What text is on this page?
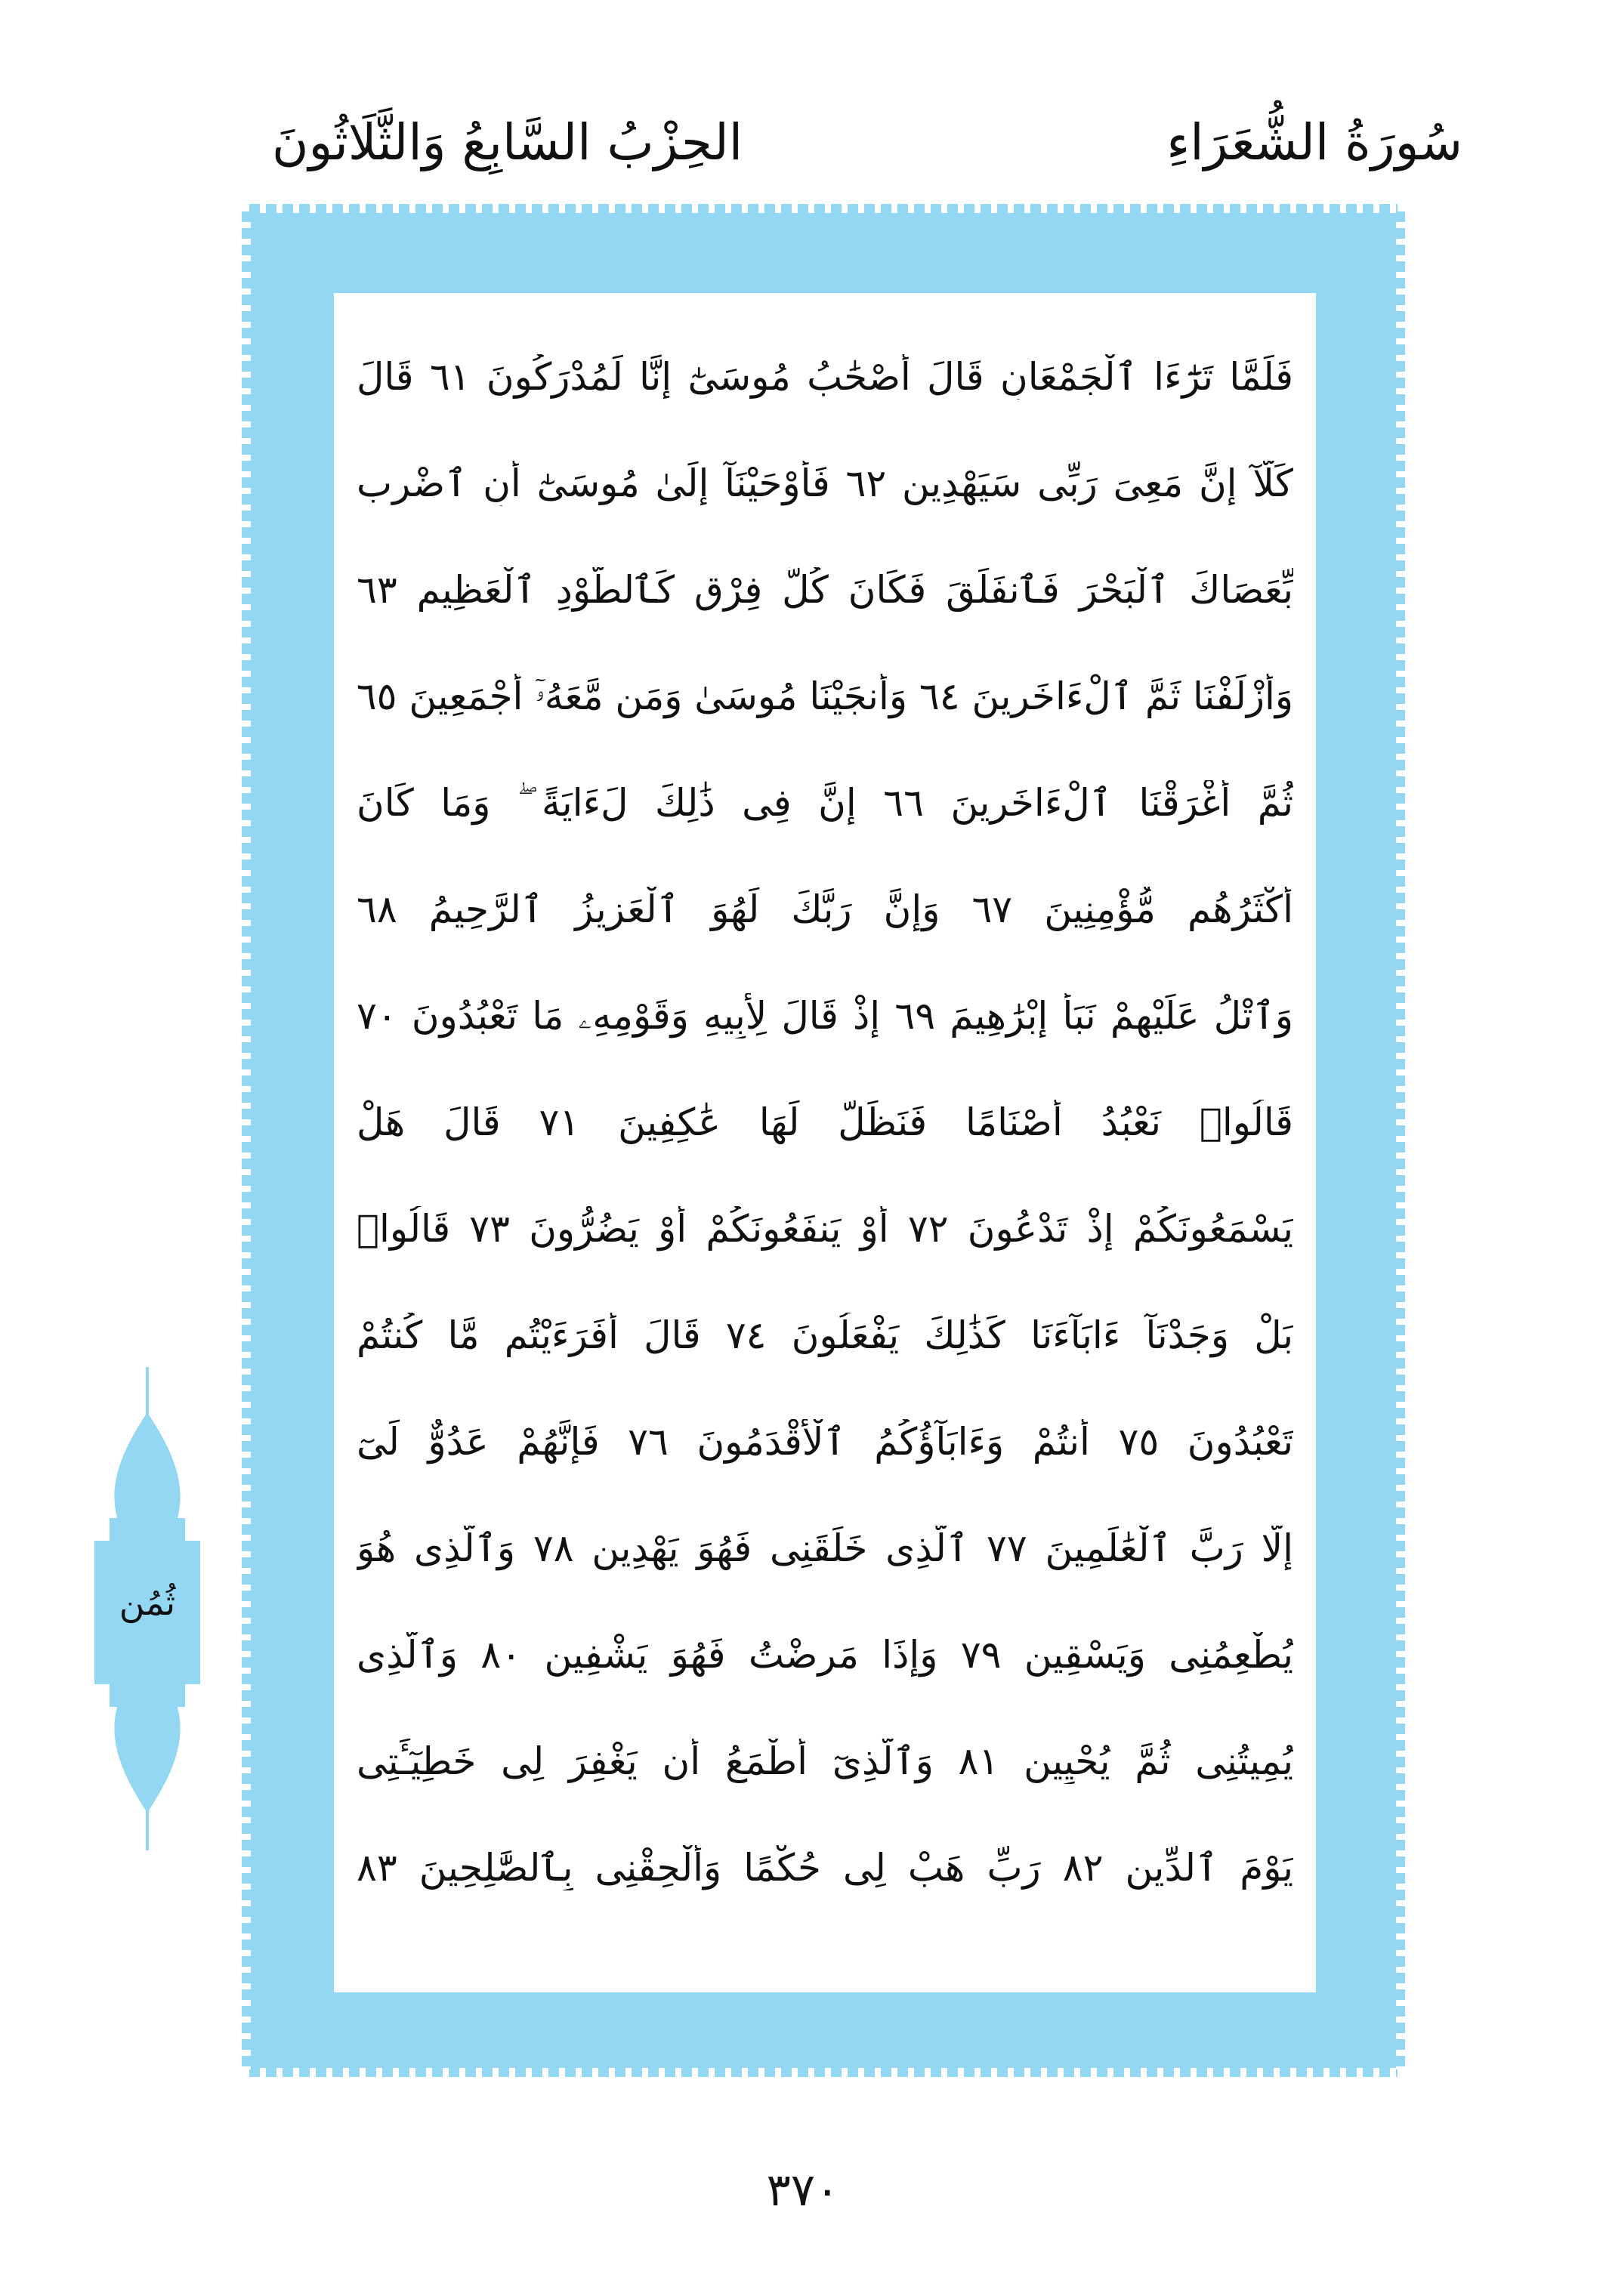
سُورَةُ الشُّعَرَاءِ
الحِزْبُ السَّابِعُ وَالثَّلَاثُونَ
فَلَمَّا تَرَٰٓءَا ٱلْجَمْعَانِ قَالَ أَصْحَٰبُ مُوسَىٰٓ إِنَّا لَمُدْرَكُونَ ٦١ قَالَ
كَلَّآ إِنَّ مَعِىَ رَبِّى سَيَهْدِينِ ٦٢ فَأَوْحَيْنَآ إِلَىٰ مُوسَىٰٓ أَنِ ٱضْرِب
بِّعَصَاكَ ٱلْبَحْرَ فَٱنفَلَقَ فَكَانَ كُلُّ فِرْقٍ كَٱلطَّوْدِ ٱلْعَظِيمِ ٦٣
وَأَزْلَفْنَا ثَمَّ ٱلْءَاخَرِينَ ٦٤ وَأَنجَيْنَا مُوسَىٰ وَمَن مَّعَهُۥٓ أَجْمَعِينَ ٦٥
ثُمَّ أَغْرَقْنَا ٱلْءَاخَرِينَ ٦٦ إِنَّ فِى ذَٰلِكَ لَءَايَةً ۖ وَمَا كَانَ
أَكْثَرُهُم مُّؤْمِنِينَ ٦٧ وَإِنَّ رَبَّكَ لَهُوَ ٱلْعَزِيزُ ٱلرَّحِيمُ ٦٨
وَٱتْلُ عَلَيْهِمْ نَبَأَ إِبْرَٰهِيمَ ٦٩ إِذْ قَالَ لِأَبِيهِ وَقَوْمِهِۦ مَا تَعْبُدُونَ ٧٠
قَالُوا۟ نَعْبُدُ أَصْنَامًا فَنَظَلُّ لَهَا عَٰكِفِينَ ٧١ قَالَ هَلْ
يَسْمَعُونَكُمْ إِذْ تَدْعُونَ ٧٢ أَوْ يَنفَعُونَكُمْ أَوْ يَضُرُّونَ ٧٣ قَالُوا۟
بَلْ وَجَدْنَآ ءَابَآءَنَا كَذَٰلِكَ يَفْعَلُونَ ٧٤ قَالَ أَفَرَءَيْتُم مَّا كُنتُمْ
تَعْبُدُونَ ٧٥ أَنتُمْ وَءَابَآؤُكُمُ ٱلْأَقْدَمُونَ ٧٦ فَإِنَّهُمْ عَدُوٌّ لِّىٓ
إِلَّا رَبَّ ٱلْعَٰلَمِينَ ٧٧ ٱلَّذِى خَلَقَنِى فَهُوَ يَهْدِينِ ٧٨ وَٱلَّذِى هُوَ
يُطْعِمُنِى وَيَسْقِينِ ٧٩ وَإِذَا مَرِضْتُ فَهُوَ يَشْفِينِ ٨٠ وَٱلَّذِى
يُمِيتُنِى ثُمَّ يُحْيِينِ ٨١ وَٱلَّذِىٓ أَطْمَعُ أَن يَغْفِرَ لِى خَطِيٓـَٔتِى
يَوْمَ ٱلدِّينِ ٨٢ رَبِّ هَبْ لِى حُكْمًا وَأَلْحِقْنِى بِٱلصَّٰلِحِينَ ٨٣
ثُمُن
٣٧٠
